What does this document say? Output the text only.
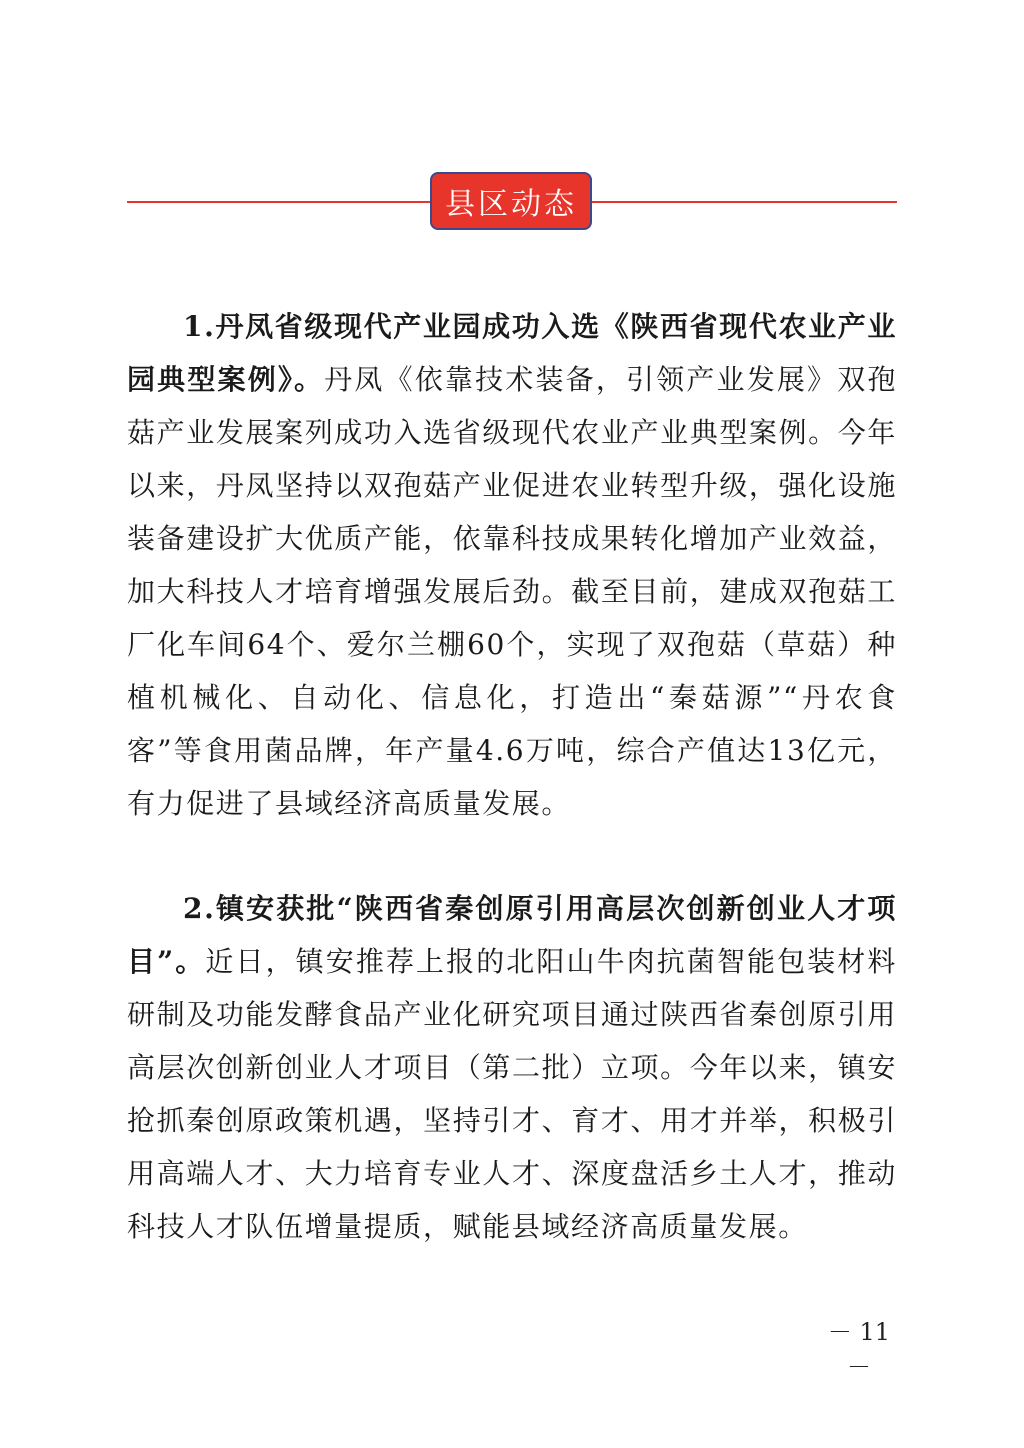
县区动态

1.丹凤省级现代产业园成功入选《陕西省现代农业产业园典型案例》。丹凤《依靠技术装备，引领产业发展》双孢菇产业发展案列成功入选省级现代农业产业典型案例。今年以来，丹凤坚持以双孢菇产业促进农业转型升级，强化设施装备建设扩大优质产能，依靠科技成果转化增加产业效益，加大科技人才培育增强发展后劲。截至目前，建成双孢菇工厂化车间64个、爱尔兰棚60个，实现了双孢菇（草菇）种植机械化、自动化、信息化，打造出“秦菇源”“丹农食客”等食用菌品牌，年产量4.6万吨，综合产值达13亿元，有力促进了县域经济高质量发展。

2.镇安获批“陕西省秦创原引用高层次创新创业人才项目”。近日，镇安推荐上报的北阳山牛肉抗菌智能包装材料研制及功能发酵食品产业化研究项目通过陕西省秦创原引用高层次创新创业人才项目（第二批）立项。今年以来，镇安抢抓秦创原政策机遇，坚持引才、育才、用才并举，积极引用高端人才、大力培育专业人才、深度盘活乡土人才，推动科技人才队伍增量提质，赋能县域经济高质量发展。

－ 11 －
